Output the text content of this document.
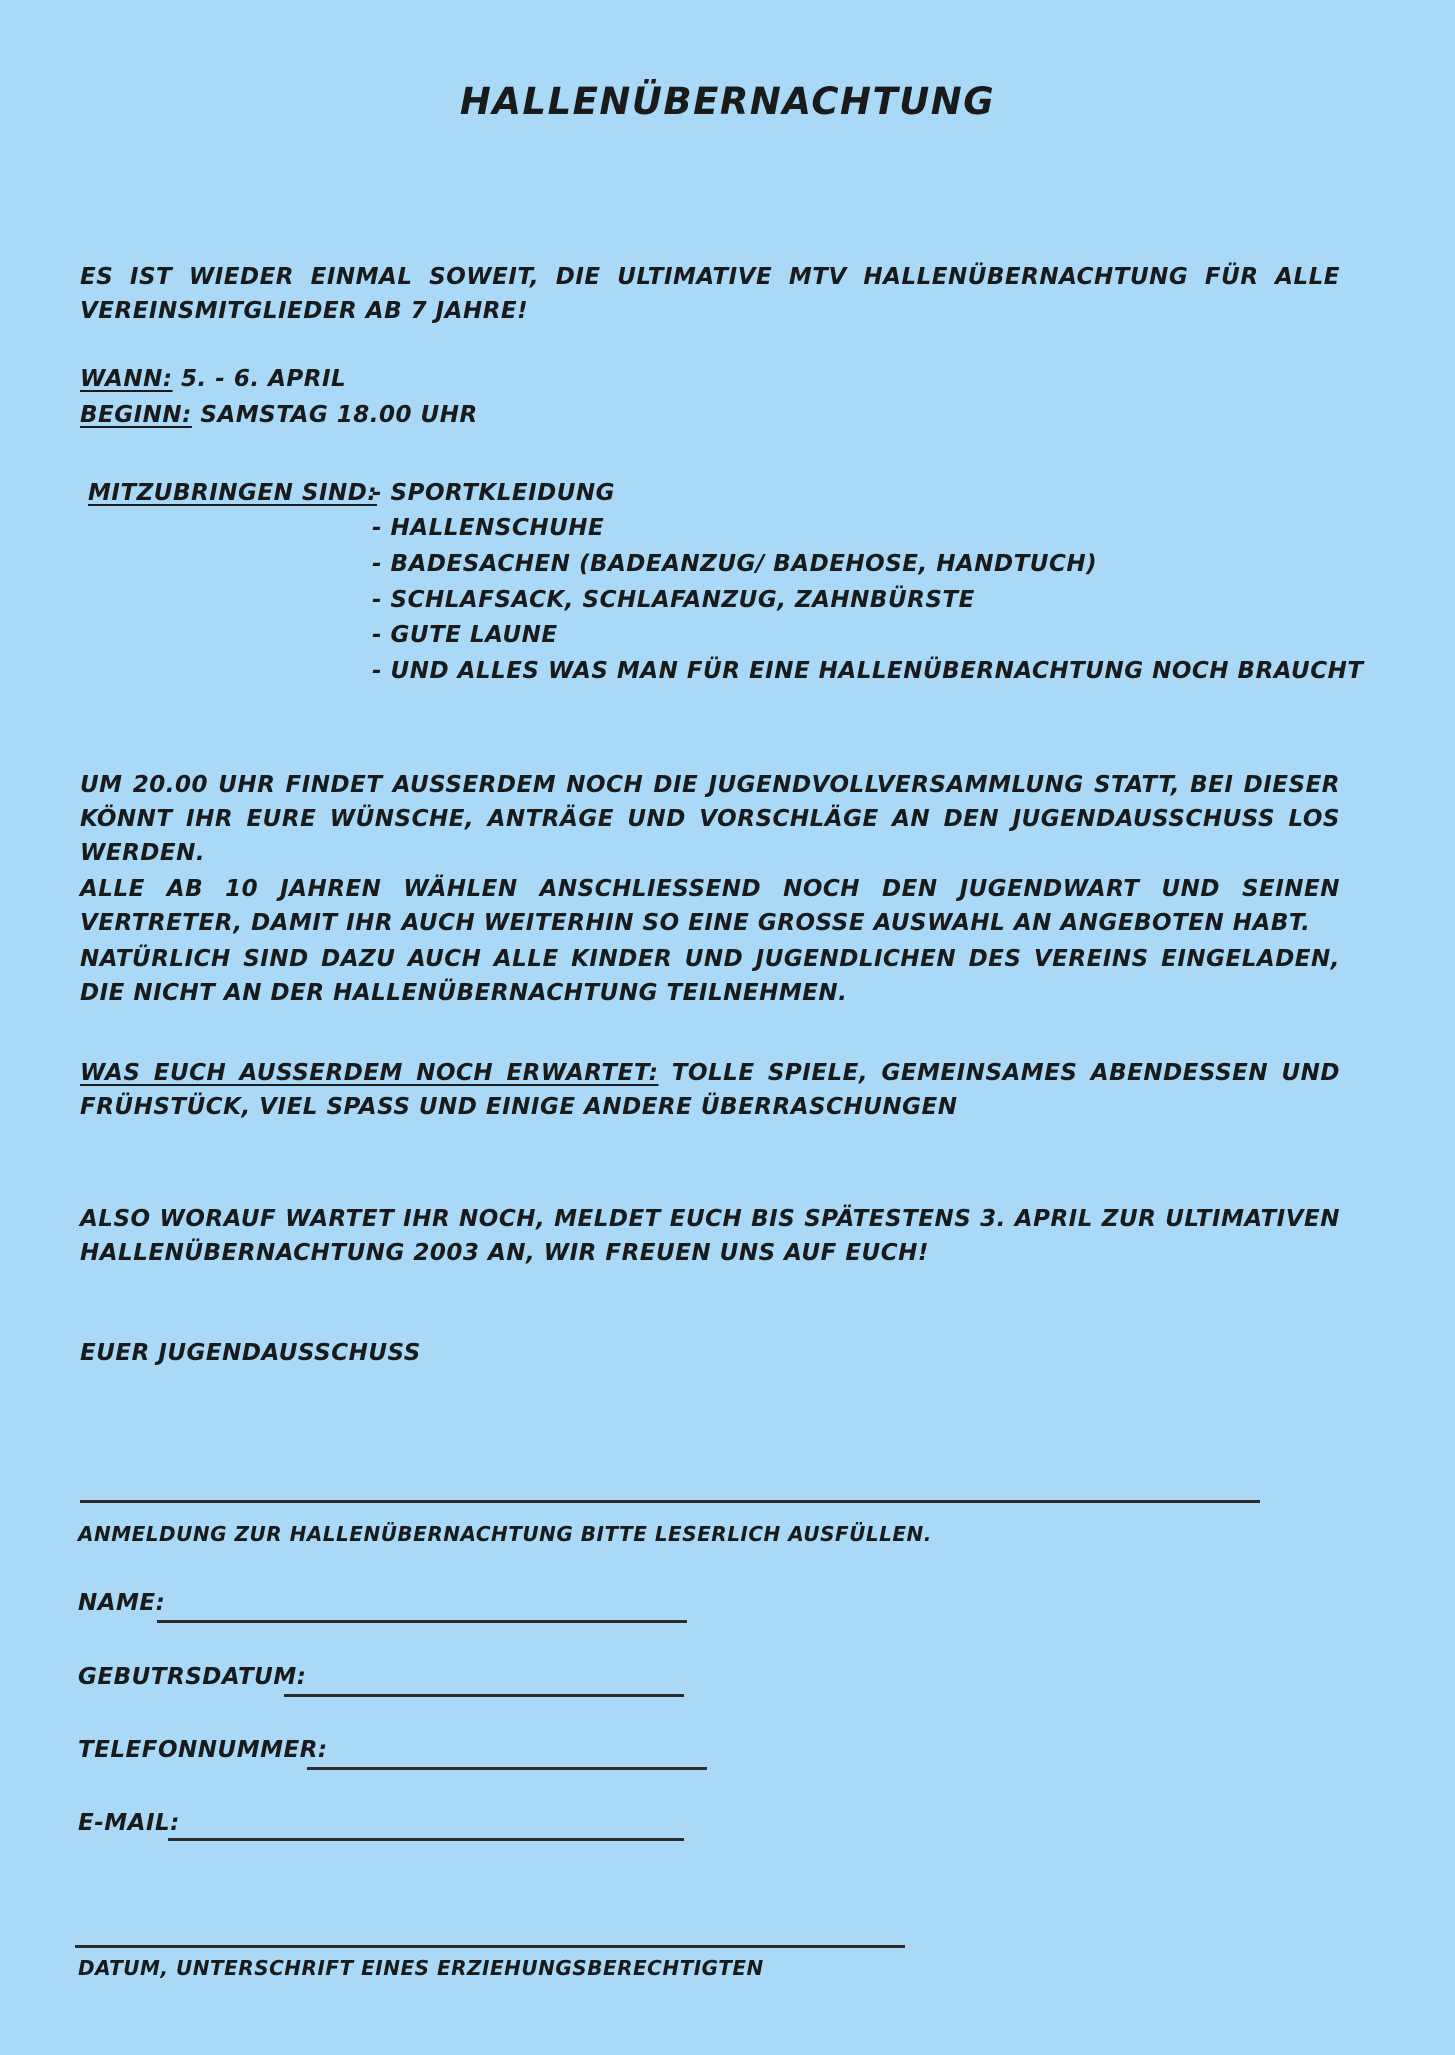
HALLENÜBERNACHTUNG

ES IST WIEDER EINMAL SOWEIT, DIE ULTIMATIVE MTV HALLENÜBERNACHTUNG FÜR ALLE VEREINSMITGLIEDER AB 7 JAHRE!

WANN: 5. - 6. APRIL
BEGINN: SAMSTAG 18.00 UHR
MITZUBRINGEN SIND:
- SPORTKLEIDUNG
- HALLENSCHUHE
- BADESACHEN (BADEANZUG/ BADEHOSE, HANDTUCH)
- SCHLAFSACK, SCHLAFANZUG, ZAHNBÜRSTE
- GUTE LAUNE
- UND ALLES WAS MAN FÜR EINE HALLENÜBERNACHTUNG NOCH BRAUCHT

UM 20.00 UHR FINDET AUSSERDEM NOCH DIE JUGENDVOLLVERSAMMLUNG STATT, BEI DIESER KÖNNT IHR EURE WÜNSCHE, ANTRÄGE UND VORSCHLÄGE AN DEN JUGENDAUSSCHUSS LOS WERDEN.

ALLE AB 10 JAHREN WÄHLEN ANSCHLIESSEND NOCH DEN JUGENDWART UND SEINEN VERTRETER, DAMIT IHR AUCH WEITERHIN SO EINE GROSSE AUSWAHL AN ANGEBOTEN HABT.

NATÜRLICH SIND DAZU AUCH ALLE KINDER UND JUGENDLICHEN DES VEREINS EINGELADEN, DIE NICHT AN DER HALLENÜBERNACHTUNG TEILNEHMEN.

WAS EUCH AUSSERDEM NOCH ERWARTET: TOLLE SPIELE, GEMEINSAMES ABENDESSEN UND FRÜHSTÜCK, VIEL SPASS UND EINIGE ANDERE ÜBERRASCHUNGEN

ALSO WORAUF WARTET IHR NOCH, MELDET EUCH BIS SPÄTESTENS 3. APRIL ZUR ULTIMATIVEN HALLENÜBERNACHTUNG 2003 AN, WIR FREUEN UNS AUF EUCH!

EUER JUGENDAUSSCHUSS
ANMELDUNG ZUR HALLENÜBERNACHTUNG BITTE LESERLICH AUSFÜLLEN.
NAME:
GEBUTRSDATUM:
TELEFONNUMMER:
E-MAIL:
DATUM, UNTERSCHRIFT EINES ERZIEHUNGSBERECHTIGTEN
